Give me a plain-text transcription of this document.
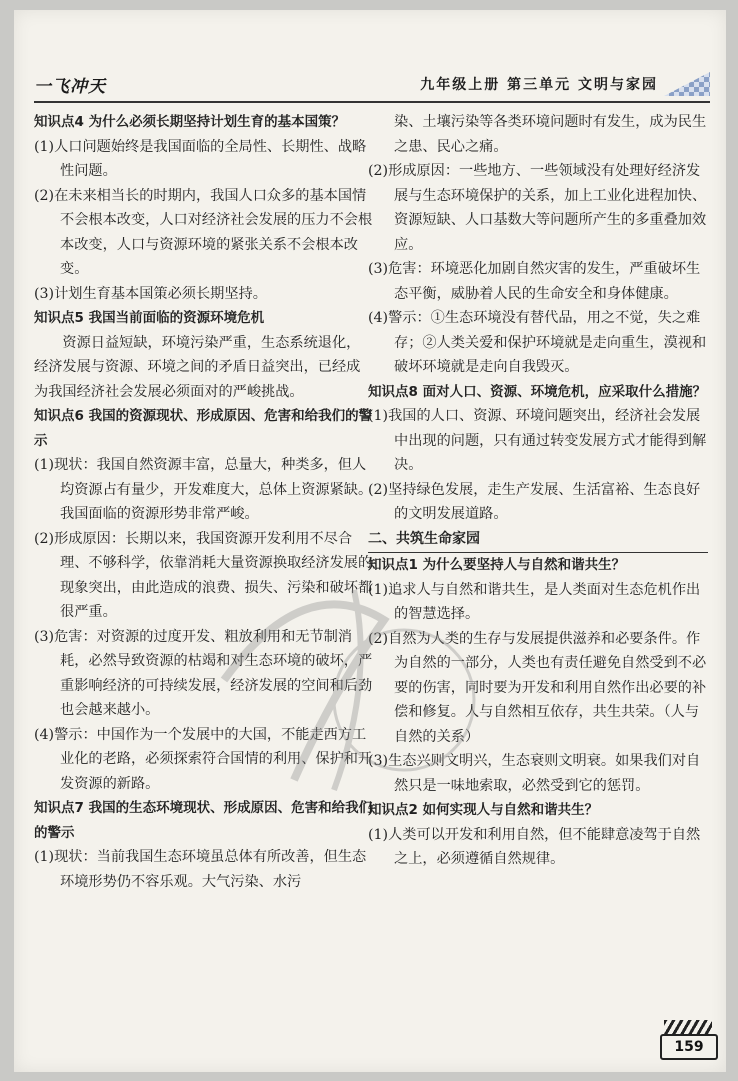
一飞冲天	九年级上册 第三单元 文明与家园

知识点4 为什么必须长期坚持计划生育的基本国策？

(1)人口问题始终是我国面临的全局性、长期性、战略性问题。

(2)在未来相当长的时期内，我国人口众多的基本国情不会根本改变，人口对经济社会发展的压力不会根本改变，人口与资源环境的紧张关系不会根本改变。

(3)计划生育基本国策必须长期坚持。

知识点5 我国当前面临的资源环境危机

资源日益短缺，环境污染严重，生态系统退化，经济发展与资源、环境之间的矛盾日益突出，已经成为我国经济社会发展必须面对的严峻挑战。

知识点6 我国的资源现状、形成原因、危害和给我们的警示

(1)现状：我国自然资源丰富，总量大，种类多，但人均资源占有量少，开发难度大，总体上资源紧缺。我国面临的资源形势非常严峻。

(2)形成原因：长期以来，我国资源开发利用不尽合理、不够科学，依靠消耗大量资源换取经济发展的现象突出，由此造成的浪费、损失、污染和破坏都很严重。

(3)危害：对资源的过度开发、粗放利用和无节制消耗，必然导致资源的枯竭和对生态环境的破坏，严重影响经济的可持续发展，经济发展的空间和后劲也会越来越小。

(4)警示：中国作为一个发展中的大国，不能走西方工业化的老路，必须探索符合国情的利用、保护和开发资源的新路。

知识点7 我国的生态环境现状、形成原因、危害和给我们的警示

(1)现状：当前我国生态环境虽总体有所改善，但生态环境形势仍不容乐观。大气污染、水污

染、土壤污染等各类环境问题时有发生，成为民生之患、民心之痛。

(2)形成原因：一些地方、一些领域没有处理好经济发展与生态环境保护的关系，加上工业化进程加快、资源短缺、人口基数大等问题所产生的多重叠加效应。

(3)危害：环境恶化加剧自然灾害的发生，严重破坏生态平衡，威胁着人民的生命安全和身体健康。

(4)警示：①生态环境没有替代品，用之不觉，失之难存；②人类关爱和保护环境就是走向重生，漠视和破坏环境就是走向自我毁灭。

知识点8 面对人口、资源、环境危机，应采取什么措施？

(1)我国的人口、资源、环境问题突出，经济社会发展中出现的问题，只有通过转变发展方式才能得到解决。

(2)坚持绿色发展，走生产发展、生活富裕、生态良好的文明发展道路。

二、共筑生命家园

知识点1 为什么要坚持人与自然和谐共生？

(1)追求人与自然和谐共生，是人类面对生态危机作出的智慧选择。

(2)自然为人类的生存与发展提供滋养和必要条件。作为自然的一部分，人类也有责任避免自然受到不必要的伤害，同时要为开发和利用自然作出必要的补偿和修复。人与自然相互依存，共生共荣。（人与自然的关系）

(3)生态兴则文明兴，生态衰则文明衰。如果我们对自然只是一味地索取，必然受到它的惩罚。

知识点2 如何实现人与自然和谐共生？

(1)人类可以开发和利用自然，但不能肆意凌驾于自然之上，必须遵循自然规律。

159
